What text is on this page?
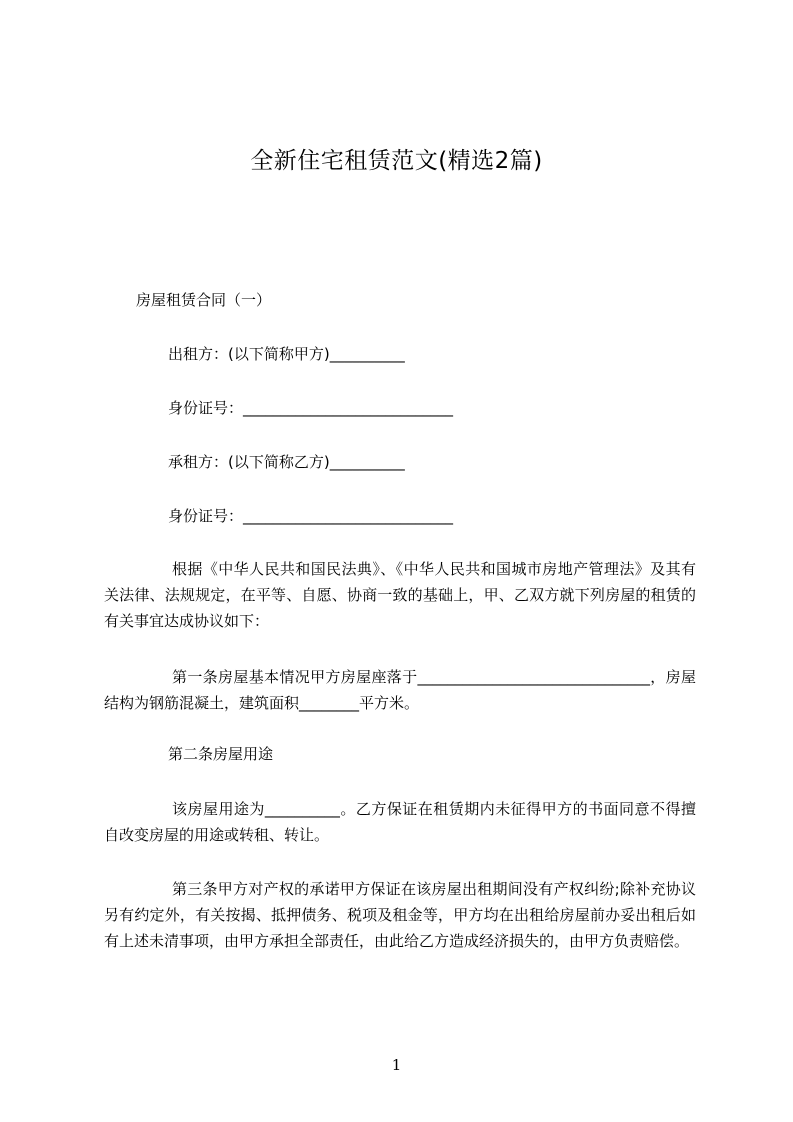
全新住宅租赁范文(精选2篇)
房屋租赁合同（一）
出租方：(以下简称甲方)__________
身份证号：____________________________
承租方：(以下简称乙方)__________
身份证号：____________________________
根据《中华人民共和国民法典》、《中华人民共和国城市房地产管理法》及其有关法律、法规规定，在平等、自愿、协商一致的基础上，甲、乙双方就下列房屋的租赁的有关事宜达成协议如下：
第一条房屋基本情况甲方房屋座落于_______________________________，房屋结构为钢筋混凝土，建筑面积________平方米。
第二条房屋用途
该房屋用途为__________。乙方保证在租赁期内未征得甲方的书面同意不得擅自改变房屋的用途或转租、转让。
第三条甲方对产权的承诺甲方保证在该房屋出租期间没有产权纠纷;除补充协议另有约定外，有关按揭、抵押债务、税项及租金等，甲方均在出租给房屋前办妥出租后如有上述未清事项，由甲方承担全部责任，由此给乙方造成经济损失的，由甲方负责赔偿。
1
